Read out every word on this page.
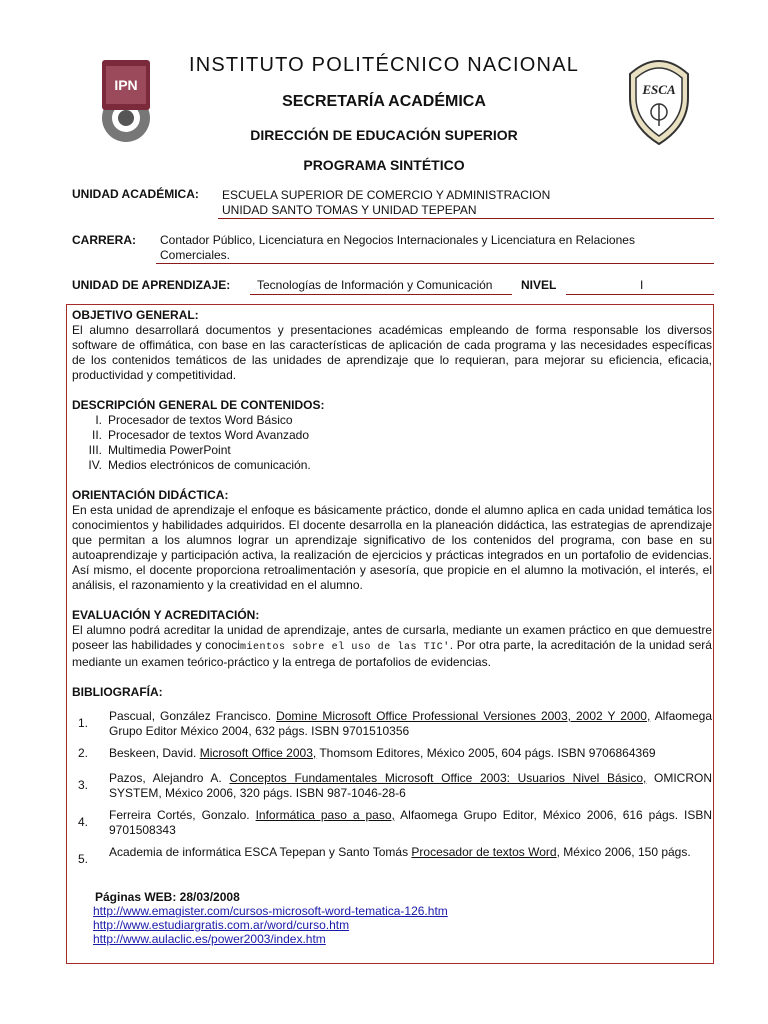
IPN	ESCA
INSTITUTO POLITÉCNICO NACIONAL
SECRETARÍA ACADÉMICA
DIRECCIÓN DE EDUCACIÓN SUPERIOR
PROGRAMA SINTÉTICO
UNIDAD ACADÉMICA: ESCUELA SUPERIOR DE COMERCIO Y ADMINISTRACION
UNIDAD SANTO TOMAS Y UNIDAD TEPEPAN
CARRERA: Contador Público, Licenciatura en Negocios Internacionales y Licenciatura en Relaciones
Comerciales.
UNIDAD DE APRENDIZAJE: Tecnologías de Información y Comunicación NIVEL	I
OBJETIVO GENERAL:
El alumno desarrollará documentos y presentaciones académicas empleando de forma responsable los diversos software de offimática, con base en las características de aplicación de cada programa y las necesidades específicas de los contenidos temáticos de las unidades de aprendizaje que lo requieran, para mejorar su eficiencia, eficacia, productividad y competitividad.
DESCRIPCIÓN GENERAL DE CONTENIDOS:
I. Procesador de textos Word Básico
II. Procesador de textos Word Avanzado
III. Multimedia PowerPoint
IV. Medios electrónicos de comunicación.
ORIENTACIÓN DIDÁCTICA:
En esta unidad de aprendizaje el enfoque es básicamente práctico, donde el alumno aplica en cada unidad temática los conocimientos y habilidades adquiridos. El docente desarrolla en la planeación didáctica, las estrategias de aprendizaje que permitan a los alumnos lograr un aprendizaje significativo de los contenidos del programa, con base en su autoaprendizaje y participación activa, la realización de ejercicios y prácticas integrados en un portafolio de evidencias. Así mismo, el docente proporciona retroalimentación y asesoría, que propicie en el alumno la motivación, el interés, el análisis, el razonamiento y la creatividad en el alumno.
EVALUACIÓN Y ACREDITACIÓN:
El alumno podrá acreditar la unidad de aprendizaje, antes de cursarla, mediante un examen práctico en que demuestre poseer las habilidades y conocimientos sobre el uso de las TIC'. Por otra parte, la acreditación de la unidad será mediante un examen teórico-práctico y la entrega de portafolios de evidencias.
BIBLIOGRAFÍA:
1. Pascual, González Francisco. Domine Microsoft Office Professional Versiones 2003, 2002 Y 2000, Alfaomega Grupo Editor México 2004, 632 págs. ISBN 9701510356
2. Beskeen, David. Microsoft Office 2003, Thomsom Editores, México 2005, 604 págs. ISBN 9706864369
3. Pazos, Alejandro A. Conceptos Fundamentales Microsoft Office 2003: Usuarios Nivel Básico, OMICRON SYSTEM, México 2006, 320 págs. ISBN 987-1046-28-6
4. Ferreira Cortés, Gonzalo. Informática paso a paso, Alfaomega Grupo Editor, México 2006, 616 págs. ISBN 9701508343
5. Academia de informática ESCA Tepepan y Santo Tomás Procesador de textos Word, México 2006, 150 págs.
Páginas WEB: 28/03/2008
http://www.emagister.com/cursos-microsoft-word-tematica-126.htm
http://www.estudiargratis.com.ar/word/curso.htm
http://www.aulaclic.es/power2003/index.htm
